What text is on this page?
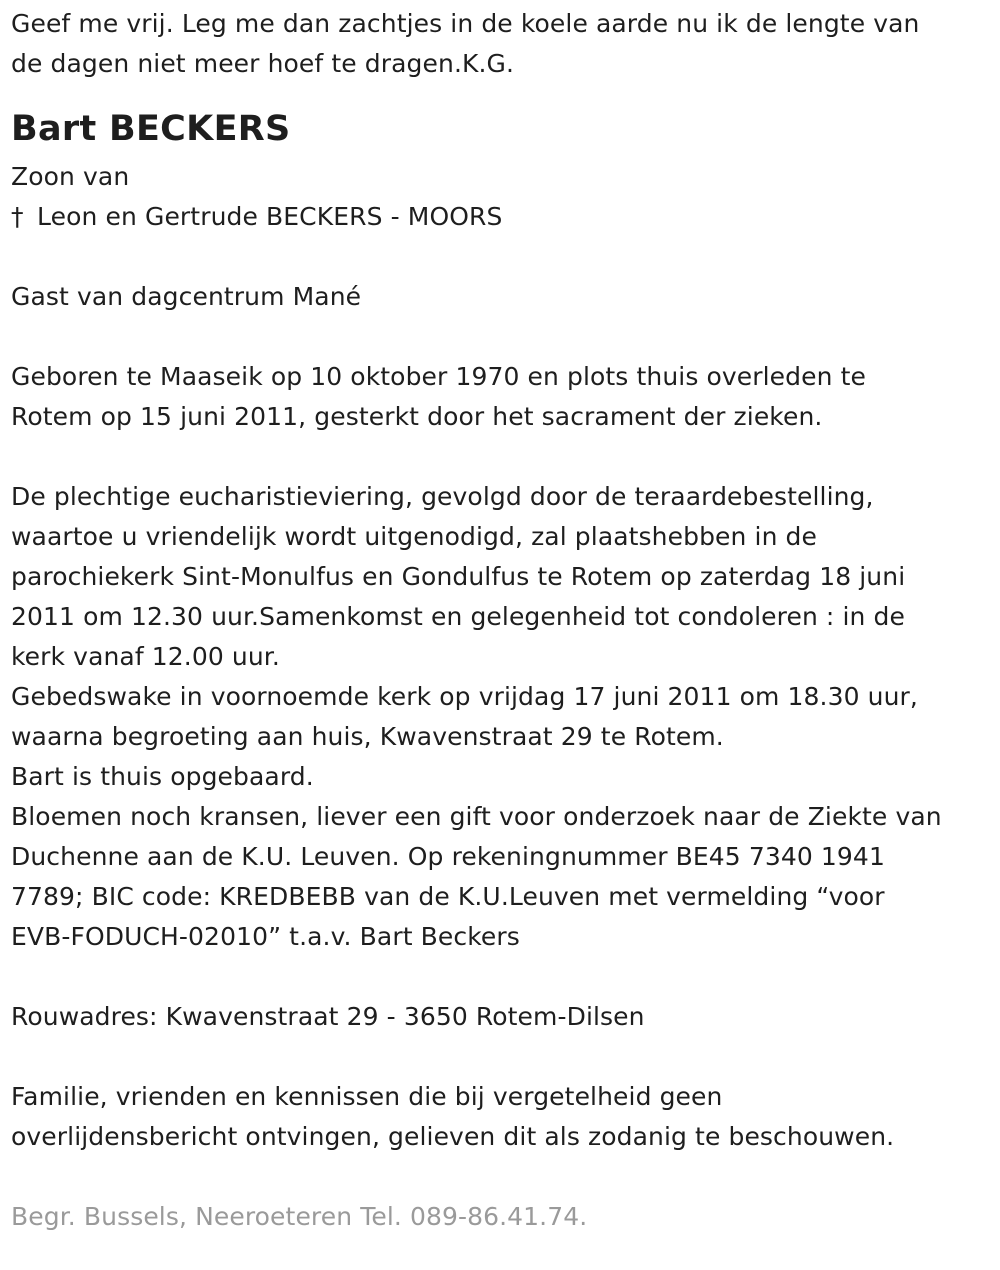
Geef me vrij. Leg me dan zachtjes in de koele aarde nu ik de lengte van
de dagen niet meer hoef te dragen.K.G.

Bart BECKERS

Zoon van

† Leon en Gertrude BECKERS - MOORS

Gast van dagcentrum Mané

Geboren te Maaseik op 10 oktober 1970 en plots thuis overleden te
Rotem op 15 juni 2011, gesterkt door het sacrament der zieken.

De plechtige eucharistieviering, gevolgd door de teraardebestelling,
waartoe u vriendelijk wordt uitgenodigd, zal plaatshebben in de
parochiekerk Sint-Monulfus en Gondulfus te Rotem op zaterdag 18 juni
2011 om 12.30 uur.Samenkomst en gelegenheid tot condoleren : in de
kerk vanaf 12.00 uur.

Gebedswake in voornoemde kerk op vrijdag 17 juni 2011 om 18.30 uur,
waarna begroeting aan huis, Kwavenstraat 29 te Rotem.

Bart is thuis opgebaard.

Bloemen noch kransen, liever een gift voor onderzoek naar de Ziekte van
Duchenne aan de K.U. Leuven. Op rekeningnummer BE45 7340 1941
7789; BIC code: KREDBEBB van de K.U.Leuven met vermelding “voor
EVB-FODUCH-02010” t.a.v. Bart Beckers

Rouwadres: Kwavenstraat 29 - 3650 Rotem-Dilsen

Familie, vrienden en kennissen die bij vergetelheid geen
overlijdensbericht ontvingen, gelieven dit als zodanig te beschouwen.

Begr. Bussels, Neeroeteren Tel. 089-86.41.74.
